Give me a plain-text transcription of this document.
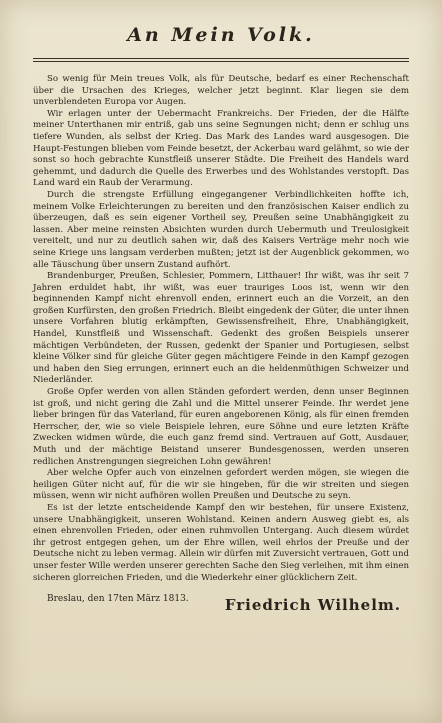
An Mein Volk.

So wenig für Mein treues Volk, als für Deutsche, bedarf es einer Rechenschaft über die Ursachen des Krieges, welcher jetzt beginnt. Klar liegen sie dem unverblendeten Europa vor Augen.

Wir erlagen unter der Uebermacht Frankreichs. Der Frieden, der die Hälfte meiner Unterthanen mir entriß, gab uns seine Segnungen nicht; denn er schlug uns tiefere Wunden, als selbst der Krieg. Das Mark des Landes ward ausgesogen. Die Haupt-Festungen blieben vom Feinde besetzt, der Ackerbau ward gelähmt, so wie der sonst so hoch gebrachte Kunstfleiß unserer Städte. Die Freiheit des Handels ward gehemmt, und dadurch die Quelle des Erwerbes und des Wohlstandes verstopft. Das Land ward ein Raub der Verarmung.

Durch die strengste Erfüllung eingegangener Verbindlichkeiten hoffte ich, meinem Volke Erleichterungen zu bereiten und den französischen Kaiser endlich zu überzeugen, daß es sein eigener Vortheil sey, Preußen seine Unabhängigkeit zu lassen. Aber meine reinsten Absichten wurden durch Uebermuth und Treulosigkeit vereitelt, und nur zu deutlich sahen wir, daß des Kaisers Verträge mehr noch wie seine Kriege uns langsam verderben mußten; jetzt ist der Augenblick gekommen, wo alle Täuschung über unsern Zustand aufhört.

Brandenburger, Preußen, Schlesier, Pommern, Litthauer! Ihr wißt, was ihr seit 7 Jahren erduldet habt, ihr wißt, was euer trauriges Loos ist, wenn wir den beginnenden Kampf nicht ehrenvoll enden, erinnert euch an die Vorzeit, an den großen Kurfürsten, den großen Friedrich. Bleibt eingedenk der Güter, die unter ihnen unsere Vorfahren blutig erkämpften, Gewissensfreiheit, Ehre, Unabhängigkeit, Handel, Kunstfleiß und Wissenschaft. Gedenkt des großen Beispiels unserer mächtigen Verbündeten, der Russen, gedenkt der Spanier und Portugiesen, selbst kleine Völker sind für gleiche Güter gegen mächtigere Feinde in den Kampf gezogen und haben den Sieg errungen, erinnert euch an die heldenmüthigen Schweizer und Niederländer.

Große Opfer werden von allen Ständen gefordert werden, denn unser Beginnen ist groß, und nicht gering die Zahl und die Mittel unserer Feinde. Ihr werdet jene lieber bringen für das Vaterland, für euren angeborenen König, als für einen fremden Herrscher, der, wie so viele Beispiele lehren, eure Söhne und eure letzten Kräfte Zwecken widmen würde, die euch ganz fremd sind. Vertrauen auf Gott, Ausdauer, Muth und der mächtige Beistand unserer Bundesgenossen, werden unseren redlichen Anstrengungen siegreichen Lohn gewähren!

Aber welche Opfer auch von einzelnen gefordert werden mögen, sie wiegen die heiligen Güter nicht auf, für die wir sie hingeben, für die wir streiten und siegen müssen, wenn wir nicht aufhören wollen Preußen und Deutsche zu seyn.

Es ist der letzte entscheidende Kampf den wir bestehen, für unsere Existenz, unsere Unabhängigkeit, unseren Wohlstand. Keinen andern Ausweg giebt es, als einen ehrenvollen Frieden, oder einen ruhmvollen Untergang. Auch diesem würdet ihr getrost entgegen gehen, um der Ehre willen, weil ehrlos der Preuße und der Deutsche nicht zu leben vermag. Allein wir dürfen mit Zuversicht vertrauen, Gott und unser fester Wille werden unserer gerechten Sache den Sieg verleihen, mit ihm einen sicheren glorreichen Frieden, und die Wiederkehr einer glücklichern Zeit.

Breslau, den 17ten März 1813. Friedrich Wilhelm.
